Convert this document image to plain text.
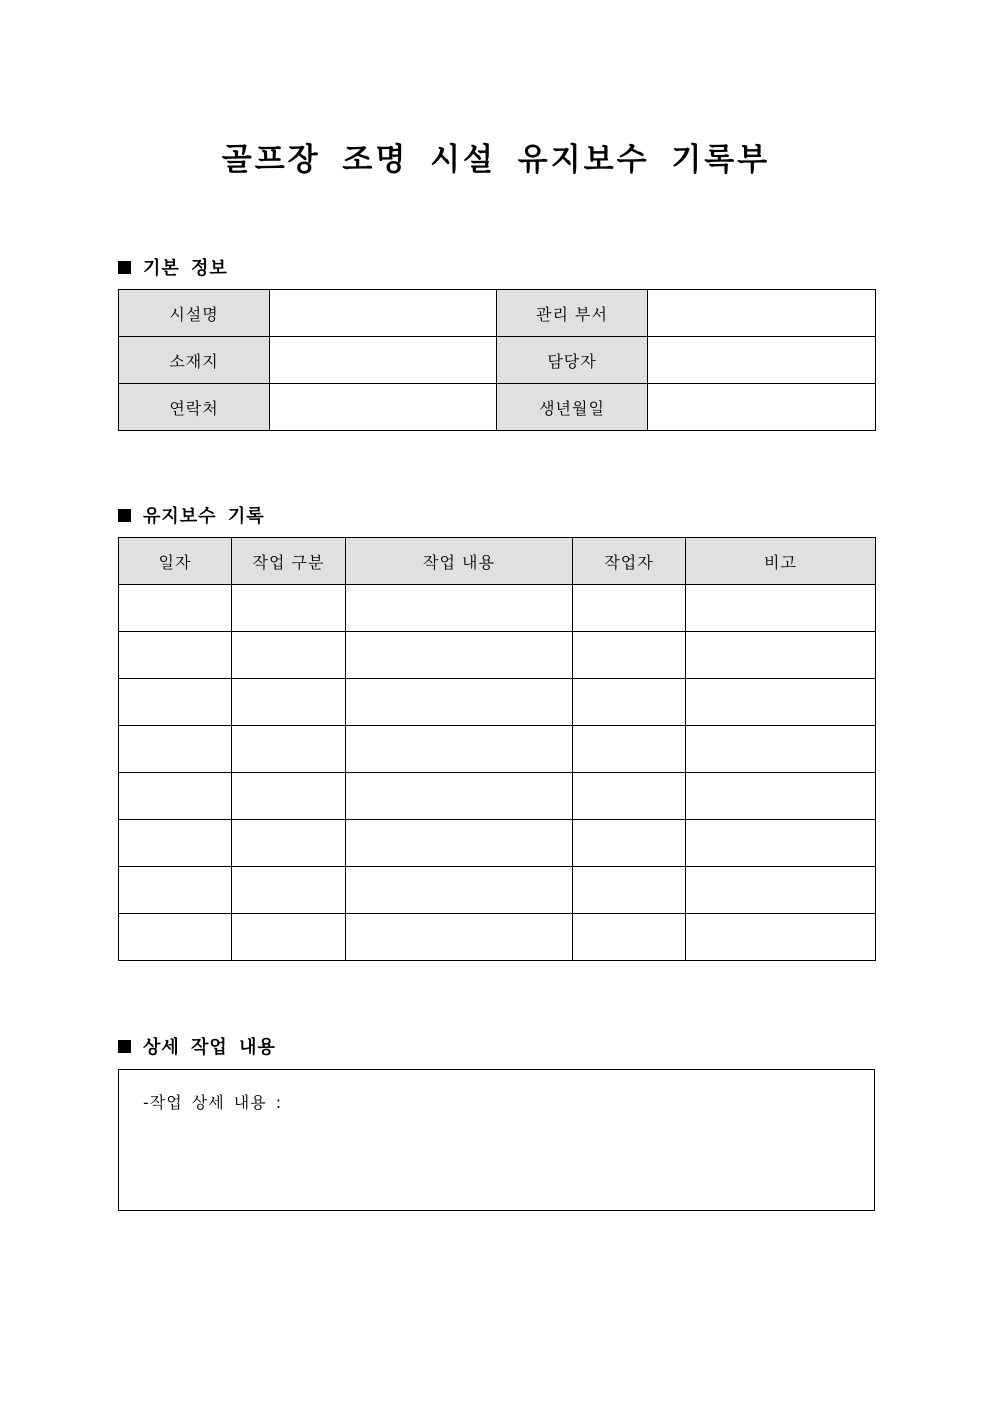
골프장 조명 시설 유지보수 기록부
기본 정보
시설명		관리 부서	
소재지		담당자	
연락처		생년월일	
유지보수 기록
일자	작업 구분	작업 내용	작업자	비고

상세 작업 내용
-작업 상세 내용 :
